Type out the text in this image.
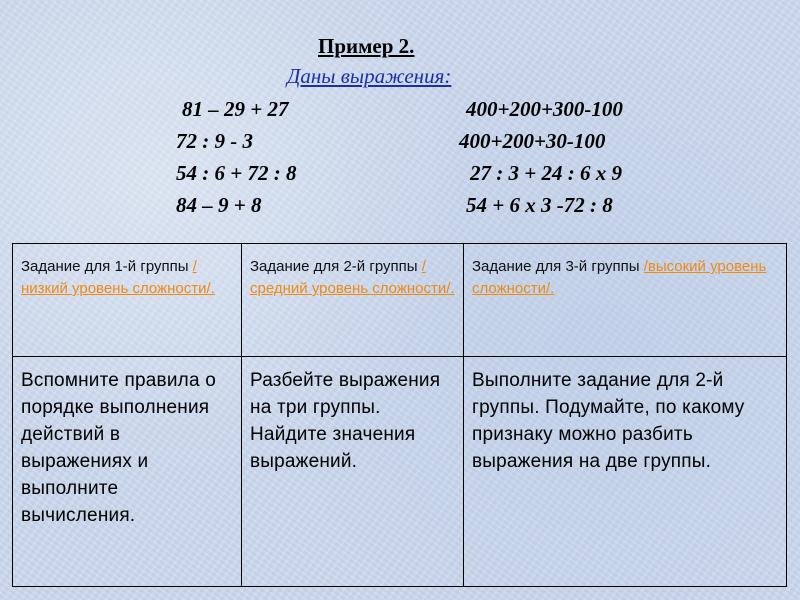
Пример 2.
Даны выражения:
81 – 29 + 27
72 : 9 - 3
54 : 6 + 72 : 8
84 – 9 + 8
400+200+300-100
400+200+30-100
27 : 3 + 24 : 6 x 9
54 + 6 x 3 -72 : 8
Задание для 1-й группы /низкий уровень сложности/.	Задание для 2-й группы /средний уровень сложности/.	Задание для 3-й группы /высокий уровень сложности/.

Вспомните правила о порядке выполнения действий в выражениях и выполните вычисления.	Разбейте выражения на три группы. Найдите значения выражений.	Выполните задание для 2-й группы. Подумайте, по какому признаку можно разбить выражения на две группы.
